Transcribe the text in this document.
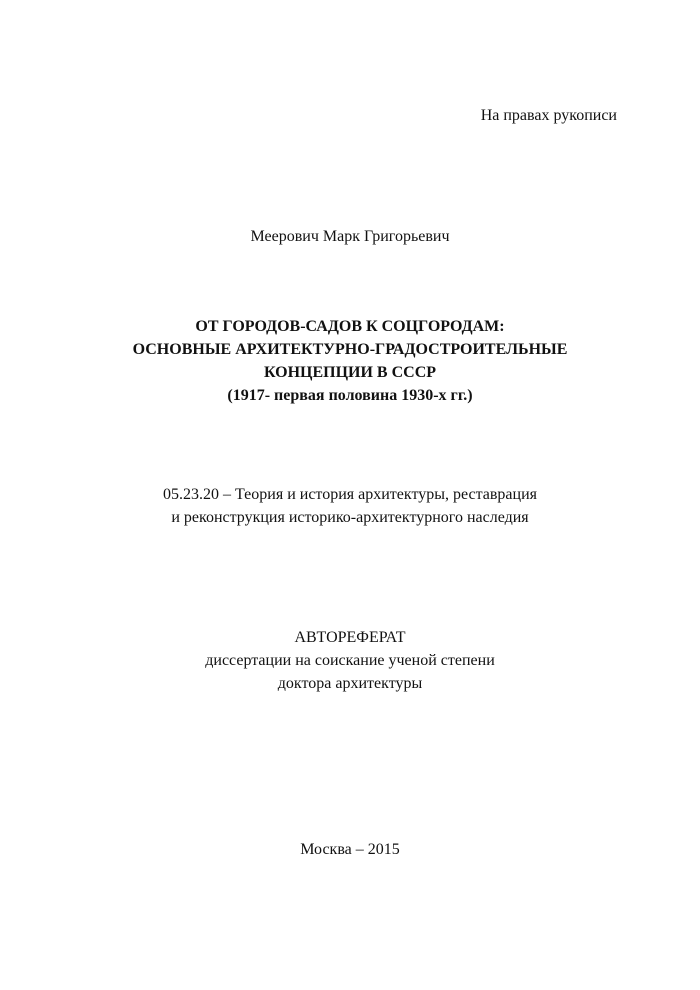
На правах рукописи
Меерович Марк Григорьевич
ОТ ГОРОДОВ-САДОВ К СОЦГОРОДАМ:
ОСНОВНЫЕ АРХИТЕКТУРНО-ГРАДОСТРОИТЕЛЬНЫЕ
КОНЦЕПЦИИ В СССР
(1917- первая половина 1930-х гг.)
05.23.20 – Теория и история архитектуры, реставрация
и реконструкция историко-архитектурного наследия
АВТОРЕФЕРАТ
диссертации на соискание ученой степени
доктора архитектуры
Москва – 2015
